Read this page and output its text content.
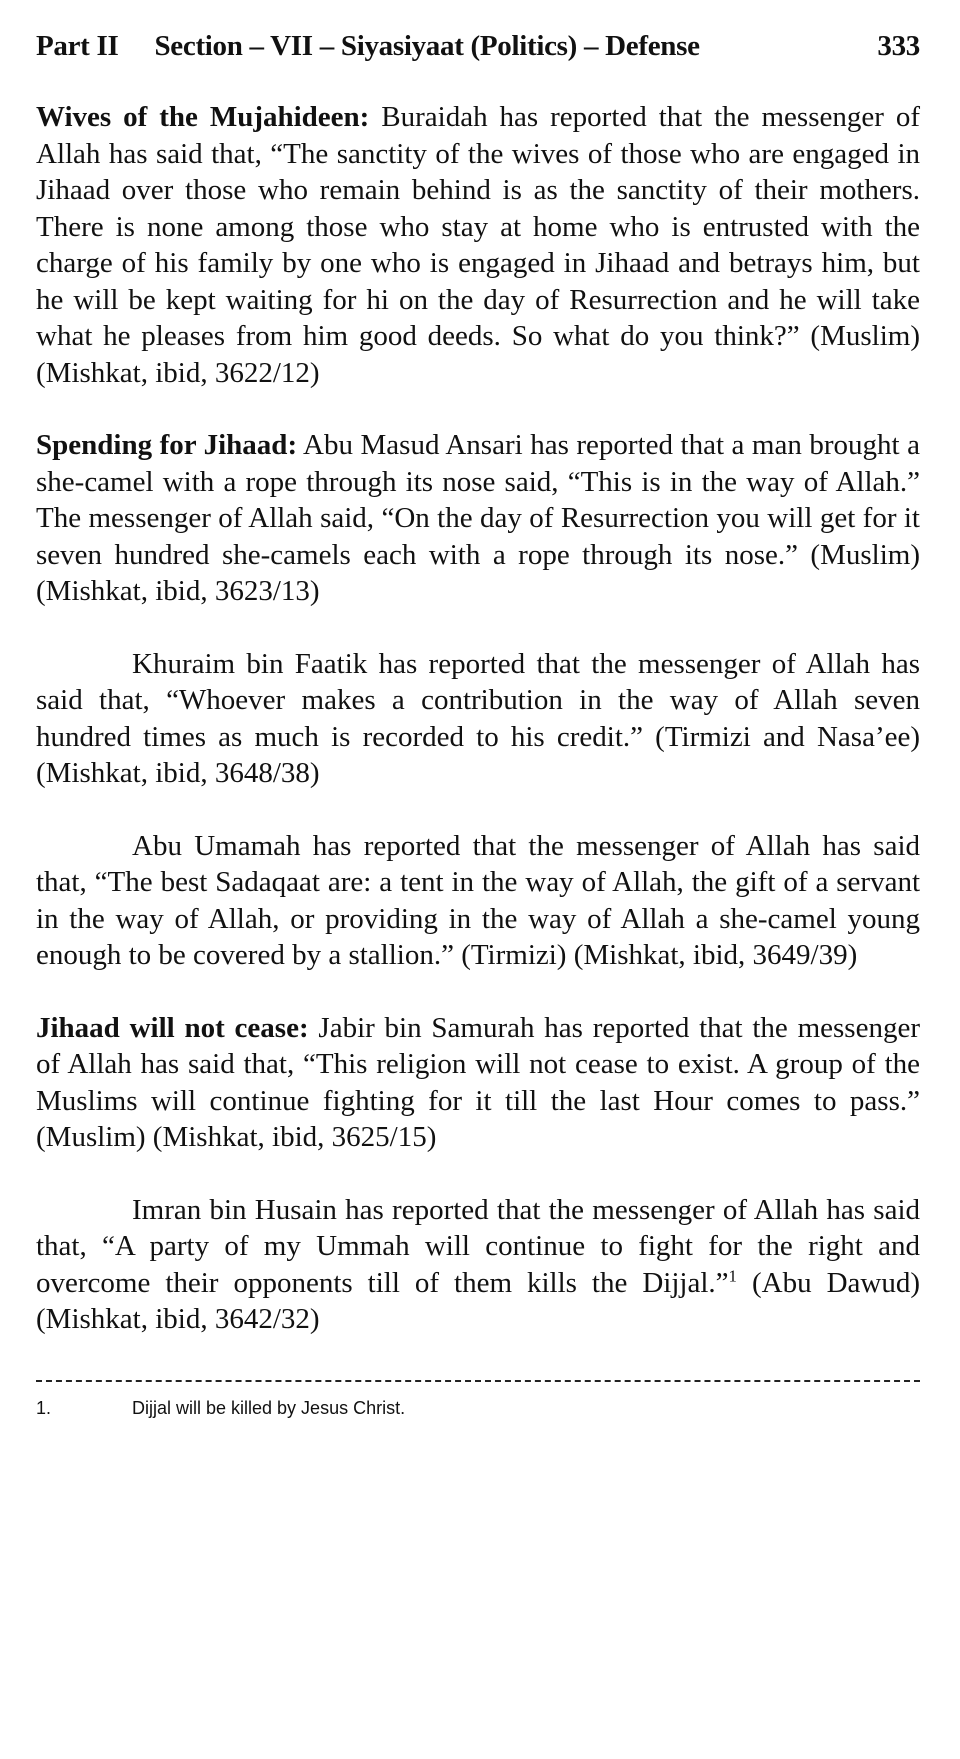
Part II Section – VII – Siyasiyaat (Politics) – Defense	333

Wives of the Mujahideen: Buraidah has reported that the messenger of Allah has said that, “The sanctity of the wives of those who are engaged in Jihaad over those who remain behind is as the sanctity of their mothers. There is none among those who stay at home who is entrusted with the charge of his family by one who is engaged in Jihaad and betrays him, but he will be kept waiting for hi on the day of Resurrection and he will take what he pleases from him good deeds. So what do you think?” (Muslim) (Mishkat, ibid, 3622/12)

Spending for Jihaad: Abu Masud Ansari has reported that a man brought a she-camel with a rope through its nose said, “This is in the way of Allah.” The messenger of Allah said, “On the day of Resurrection you will get for it seven hundred she-camels each with a rope through its nose.” (Muslim) (Mishkat, ibid, 3623/13)

Khuraim bin Faatik has reported that the messenger of Allah has said that, “Whoever makes a contribution in the way of Allah seven hundred times as much is recorded to his credit.” (Tirmizi and Nasa’ee) (Mishkat, ibid, 3648/38)

Abu Umamah has reported that the messenger of Allah has said that, “The best Sadaqaat are: a tent in the way of Allah, the gift of a servant in the way of Allah, or providing in the way of Allah a she-camel young enough to be covered by a stallion.” (Tirmizi) (Mishkat, ibid, 3649/39)

Jihaad will not cease: Jabir bin Samurah has reported that the messenger of Allah has said that, “This religion will not cease to exist. A group of the Muslims will continue fighting for it till the last Hour comes to pass.” (Muslim) (Mishkat, ibid, 3625/15)

Imran bin Husain has reported that the messenger of Allah has said that, “A party of my Ummah will continue to fight for the right and overcome their opponents till of them kills the Dijjal.”$^1$ (Abu Dawud) (Mishkat, ibid, 3642/32)

1.	Dijjal will be killed by Jesus Christ.
